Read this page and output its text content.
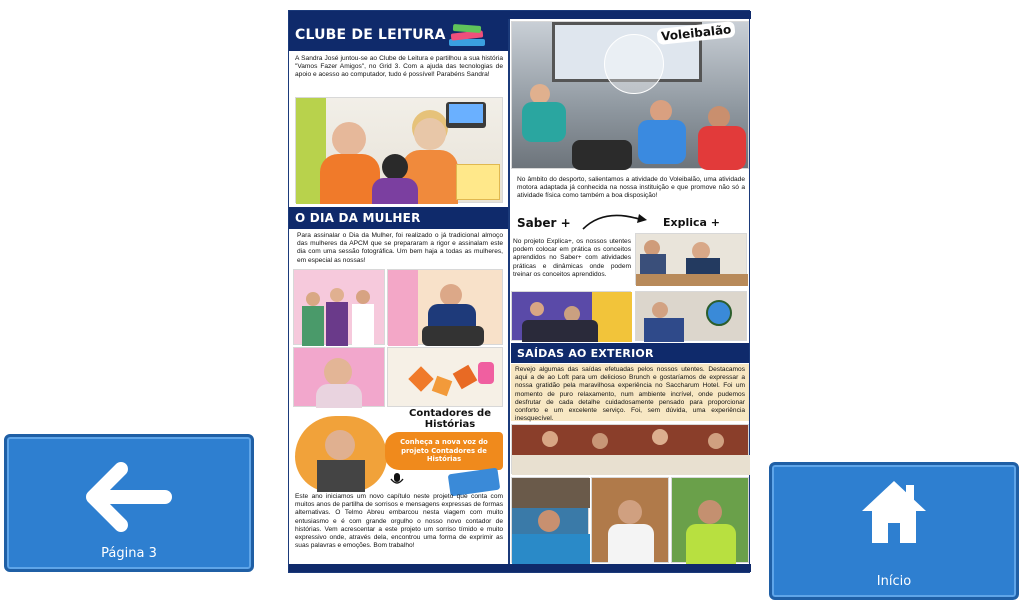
Página 3
Início
CLUBE DE LEITURA
A Sandra José juntou-se ao Clube de Leitura e partilhou a sua história "Vamos Fazer Amigos", no Grid 3. Com a ajuda das tecnologias de apoio e acesso ao computador, tudo é possível! Parabéns Sandra!
Voleibalão
No âmbito do desporto, salientamos a atividade do Voleibalão, uma atividade motora adaptada já conhecida na nossa instituição e que promove não só a atividade física como também a boa disposição!
O DIA DA MULHER
Para assinalar o Dia da Mulher, foi realizado o já tradicional almoço das mulheres da APCM que se prepararam a rigor e assinalam este dia com uma sessão fotográfica. Um bem haja a todas as mulheres, em especial as nossas!
Saber +	Explica +
No projeto Explica+, os nossos utentes podem colocar em prática os conceitos aprendidos no Saber+ com atividades práticas e dinâmicas onde podem treinar os conceitos aprendidos.
Contadores de Histórias
Conheça a nova voz do projeto Contadores de Histórias
Este ano iniciamos um novo capítulo neste projeto que conta com muitos anos de partilha de sorrisos e mensagens expressas de formas alternativas. O Telmo Abreu embarcou nesta viagem com muito entusiasmo e é com grande orgulho o nosso novo contador de histórias. Vem acrescentar a este projeto um sorriso tímido e muito expressivo onde, através dela, encontrou uma forma de exprimir as suas palavras e emoções. Bom trabalho!
SAÍDAS AO EXTERIOR
Revejo algumas das saídas efetuadas pelos nossos utentes. Destacamos aqui a de ao Loft para um delicioso Brunch e gostaríamos de expressar a nossa gratidão pela maravilhosa experiência no Saccharum Hotel. Foi um momento de puro relaxamento, num ambiente incrível, onde pudemos desfrutar de cada detalhe cuidadosamente pensado para proporcionar conforto e um excelente serviço. Foi, sem dúvida, uma experiência inesquecível.
